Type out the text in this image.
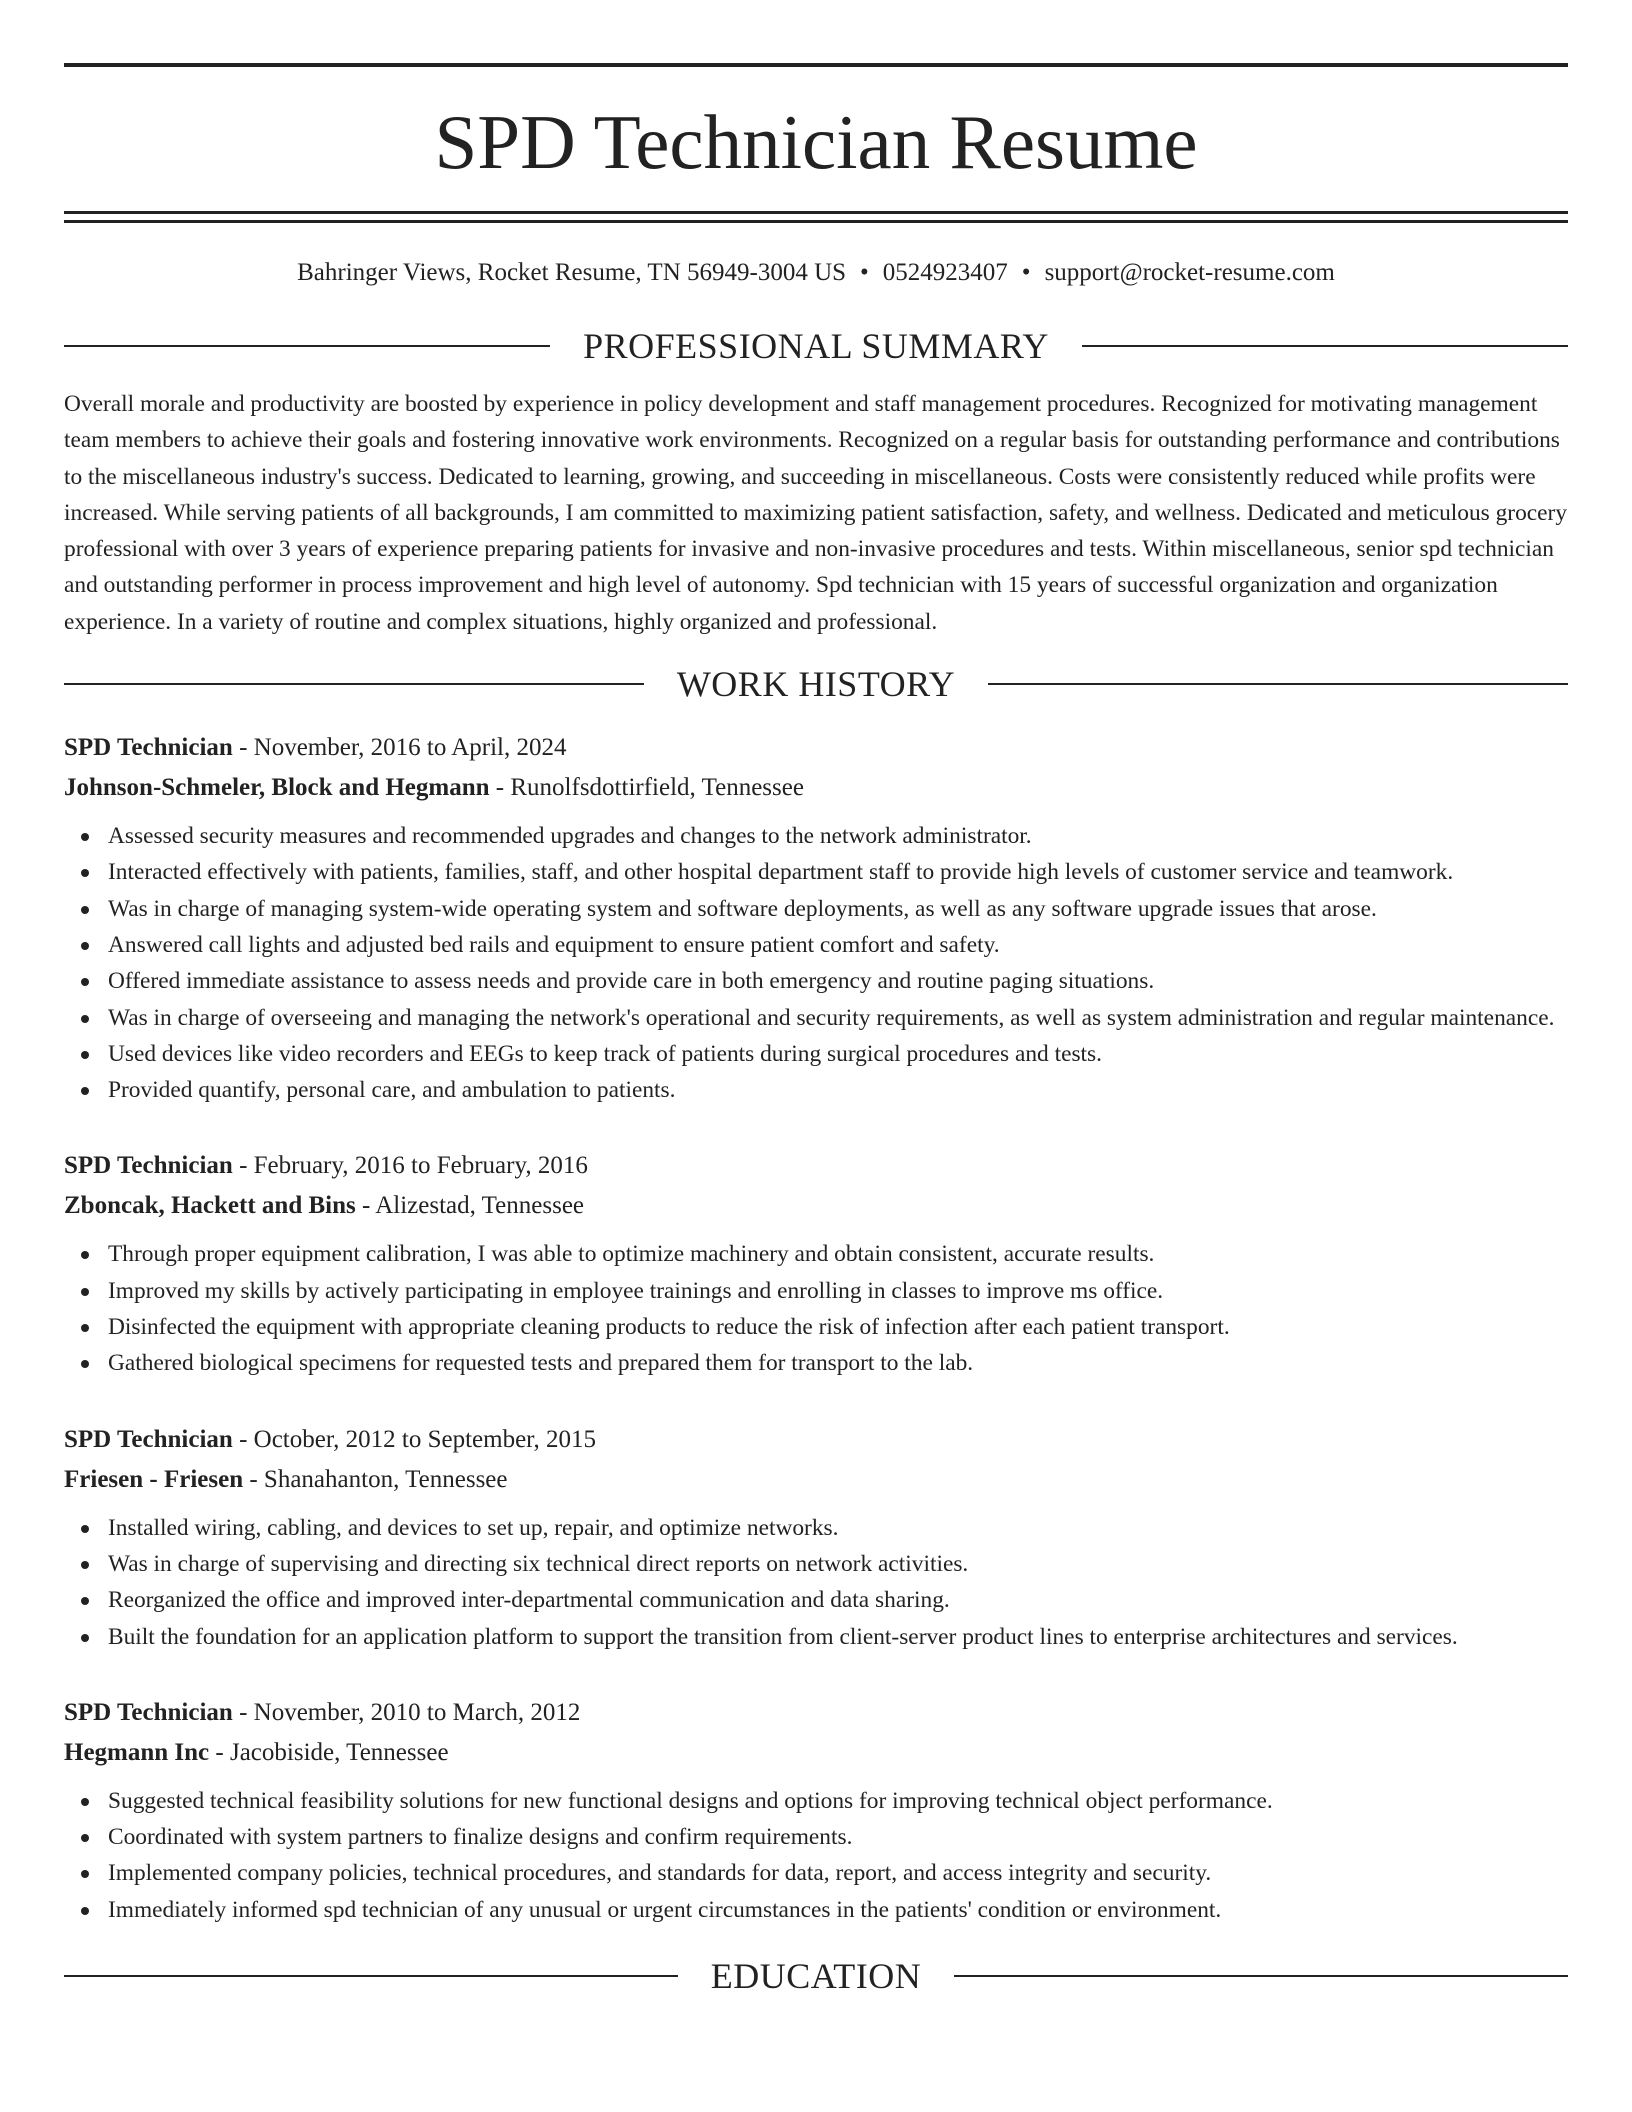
SPD Technician Resume
Bahringer Views, Rocket Resume, TN 56949-3004 US • 0524923407 • support@rocket-resume.com
PROFESSIONAL SUMMARY

Overall morale and productivity are boosted by experience in policy development and staff management procedures. Recognized for motivating management team members to achieve their goals and fostering innovative work environments. Recognized on a regular basis for outstanding performance and contributions to the miscellaneous industry's success. Dedicated to learning, growing, and succeeding in miscellaneous. Costs were consistently reduced while profits were increased. While serving patients of all backgrounds, I am committed to maximizing patient satisfaction, safety, and wellness. Dedicated and meticulous grocery professional with over 3 years of experience preparing patients for invasive and non-invasive procedures and tests. Within miscellaneous, senior spd technician and outstanding performer in process improvement and high level of autonomy. Spd technician with 15 years of successful organization and organization experience. In a variety of routine and complex situations, highly organized and professional.

WORK HISTORY
SPD Technician - November, 2016 to April, 2024
Johnson-Schmeler, Block and Hegmann - Runolfsdottirfield, Tennessee
Assessed security measures and recommended upgrades and changes to the network administrator.
Interacted effectively with patients, families, staff, and other hospital department staff to provide high levels of customer service and teamwork.
Was in charge of managing system-wide operating system and software deployments, as well as any software upgrade issues that arose.
Answered call lights and adjusted bed rails and equipment to ensure patient comfort and safety.
Offered immediate assistance to assess needs and provide care in both emergency and routine paging situations.
Was in charge of overseeing and managing the network's operational and security requirements, as well as system administration and regular maintenance.
Used devices like video recorders and EEGs to keep track of patients during surgical procedures and tests.
Provided quantify, personal care, and ambulation to patients.
SPD Technician - February, 2016 to February, 2016
Zboncak, Hackett and Bins - Alizestad, Tennessee
Through proper equipment calibration, I was able to optimize machinery and obtain consistent, accurate results.
Improved my skills by actively participating in employee trainings and enrolling in classes to improve ms office.
Disinfected the equipment with appropriate cleaning products to reduce the risk of infection after each patient transport.
Gathered biological specimens for requested tests and prepared them for transport to the lab.
SPD Technician - October, 2012 to September, 2015
Friesen - Friesen - Shanahanton, Tennessee
Installed wiring, cabling, and devices to set up, repair, and optimize networks.
Was in charge of supervising and directing six technical direct reports on network activities.
Reorganized the office and improved inter-departmental communication and data sharing.
Built the foundation for an application platform to support the transition from client-server product lines to enterprise architectures and services.
SPD Technician - November, 2010 to March, 2012
Hegmann Inc - Jacobiside, Tennessee
Suggested technical feasibility solutions for new functional designs and options for improving technical object performance.
Coordinated with system partners to finalize designs and confirm requirements.
Implemented company policies, technical procedures, and standards for data, report, and access integrity and security.
Immediately informed spd technician of any unusual or urgent circumstances in the patients' condition or environment.
EDUCATION
